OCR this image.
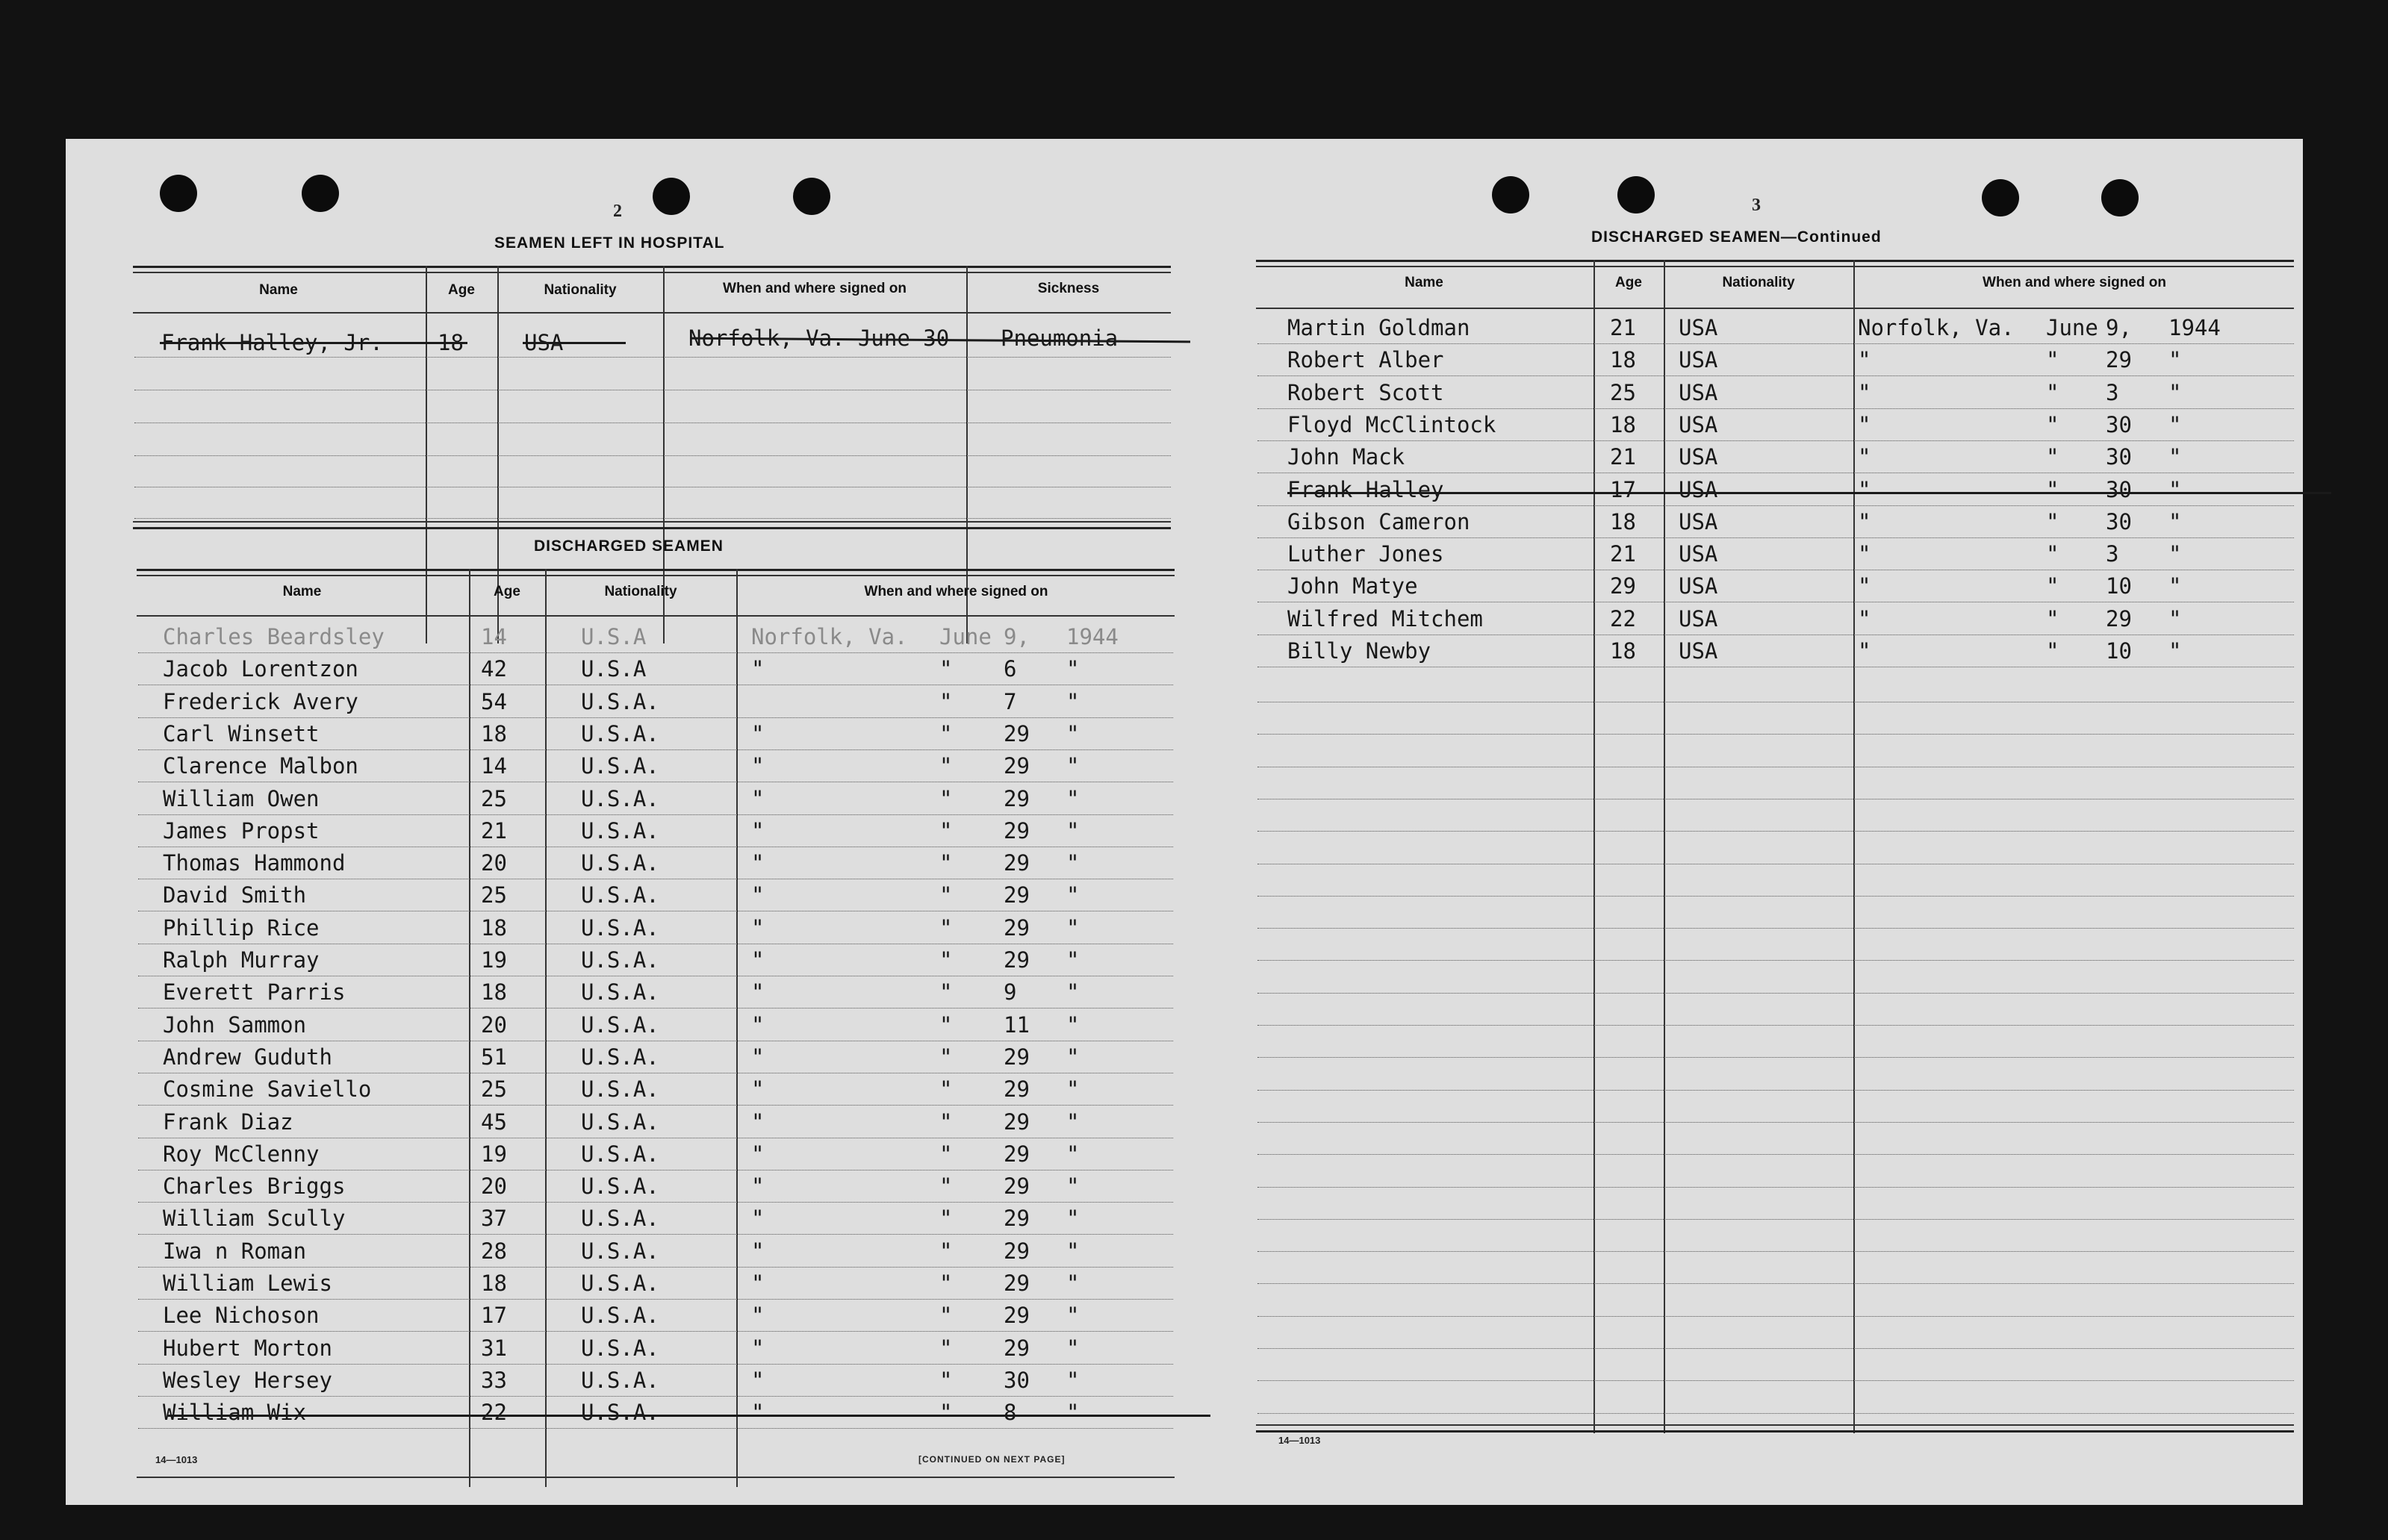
2
SEAMEN LEFT IN HOSPITAL
Name	Age	Nationality	When and where signed on	Sickness
Frank Halley, Jr.	18	USA	Norfolk, Va. June 30 Pneumonia
DISCHARGED SEAMEN
Name	Age	Nationality	When and where signed on
Charles Beardsley	14	U.S.A	Norfolk, Va. June 9, 1944
Jacob Lorentzon	42	U.S.A	"	" 6 "
Frederick Avery	54	U.S.A.	" 7 "
Carl Winsett	18	U.S.A.	"	" 29 "
Clarence Malbon	14	U.S.A.	"	" 29 "
William Owen	25	U.S.A.	"	" 29 "
James Propst	21	U.S.A.	"	" 29 "
Thomas Hammond	20	U.S.A.	"	" 29 "
David Smith	25	U.S.A.	"	" 29 "
Phillip Rice	18	U.S.A.	"	" 29 "
Ralph Murray	19	U.S.A.	"	" 29 "
Everett Parris	18	U.S.A.	"	" 9 "
John Sammon	20	U.S.A.	"	" 11 "
Andrew Guduth	51	U.S.A.	"	" 29 "
Cosmine Saviello	25	U.S.A.	"	" 29 "
Frank Diaz	45	U.S.A.	"	" 29 "
Roy McClenny	19	U.S.A.	"	" 29 "
Charles Briggs	20	U.S.A.	"	" 29 "
William Scully	37	U.S.A.	"	" 29 "
Iwa n Roman	28	U.S.A.	"	" 29 "
William Lewis	18	U.S.A.	"	" 29 "
Lee Nichoson	17	U.S.A.	"	" 29 "
Hubert Morton	31	U.S.A.	"	" 29 "
Wesley Hersey	33	U.S.A.	"	" 30 "
William Wix	22	U.S.A.	"	" 8 "
14—1013	[CONTINUED ON NEXT PAGE]
3
DISCHARGED SEAMEN—Continued
Name	Age	Nationality	When and where signed on
Martin Goldman	21 USA	Norfolk, Va. June 9, 1944
Robert Alber	18 USA	"	" 29 "
Robert Scott	25 USA	"	" 3 "
Floyd McClintock	18 USA	"	" 30 "
John Mack	21 USA	"	" 30 "
Frank Halley	17 USA	"	" 30 "
Gibson Cameron	18 USA	"	" 30 "
Luther Jones	21 USA	"	" 3 "
John Matye	29 USA	"	" 10 "
Wilfred Mitchem	22 USA	"	" 29 "
Billy Newby	18 USA	"	" 10 "
14—1013
